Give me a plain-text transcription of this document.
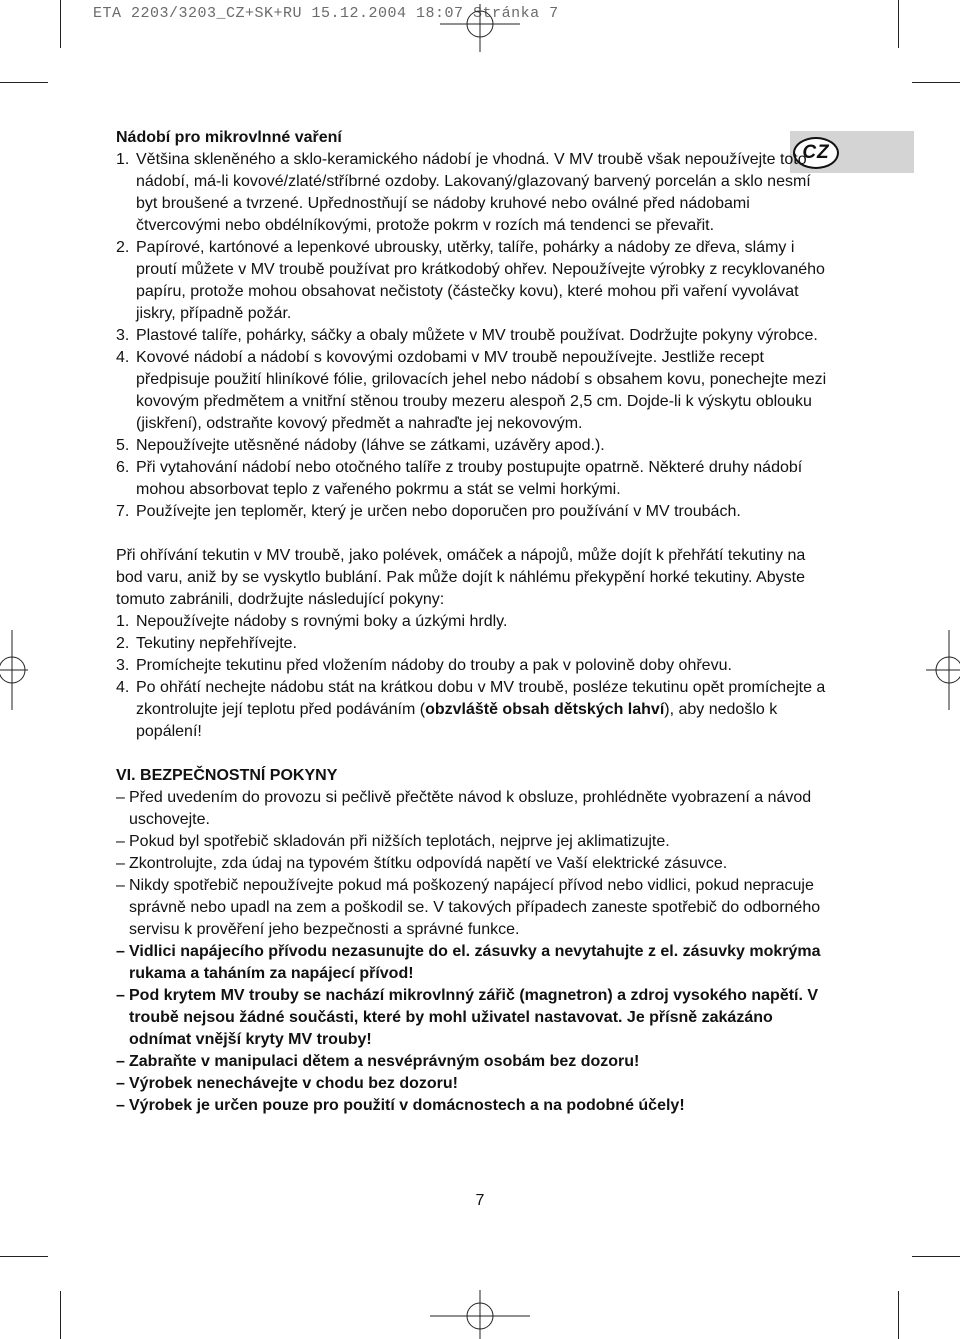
ETA 2203/3203_CZ+SK+RU 15.12.2004 18:07 Stránka 7
CZ
Nádobí pro mikrovlnné vaření
1. Většina skleněného a sklo-keramického nádobí je vhodná. V MV troubě však nepoužívejte toto nádobí, má-li kovové/zlaté/stříbrné ozdoby. Lakovaný/glazovaný barvený porcelán a sklo nesmí byt broušené a tvrzené. Upřednostňují se nádoby kruhové nebo oválné před nádobami čtvercovými nebo obdélníkovými, protože pokrm v rozích má tendenci se převařit.
2. Papírové, kartónové a lepenkové ubrousky, utěrky, talíře, pohárky a nádoby ze dřeva, slámy i proutí můžete v MV troubě používat pro krátkodobý ohřev. Nepoužívejte výrobky z recyklovaného papíru, protože mohou obsahovat nečistoty (částečky kovu), které mohou při vaření vyvolávat jiskry, případně požár.
3. Plastové talíře, pohárky, sáčky a obaly můžete v MV troubě používat. Dodržujte pokyny výrobce.
4. Kovové nádobí a nádobí s kovovými ozdobami v MV troubě nepoužívejte. Jestliže recept předpisuje použití hliníkové fólie, grilovacích jehel nebo nádobí s obsahem kovu, ponechejte mezi kovovým předmětem a vnitřní stěnou trouby mezeru alespoň 2,5 cm. Dojde-li k výskytu oblouku (jiskření), odstraňte kovový předmět a nahraďte jej nekovovým.
5. Nepoužívejte utěsněné nádoby (láhve se zátkami, uzávěry apod.).
6. Při vytahování nádobí nebo otočného talíře z trouby postupujte opatrně. Některé druhy nádobí mohou absorbovat teplo z vařeného pokrmu a stát se velmi horkými.
7. Používejte jen teploměr, který je určen nebo doporučen pro používání v MV troubách.
Při ohřívání tekutin v MV troubě, jako polévek, omáček a nápojů, může dojít k přehřátí tekutiny na bod varu, aniž by se vyskytlo bublání. Pak může dojít k náhlému překypění horké tekutiny. Abyste tomuto zabránili, dodržujte následující pokyny:
1. Nepoužívejte nádoby s rovnými boky a úzkými hrdly.
2. Tekutiny nepřehřívejte.
3. Promíchejte tekutinu před vložením nádoby do trouby a pak v polovině doby ohřevu.
4. Po ohřátí nechejte nádobu stát na krátkou dobu v MV troubě, posléze tekutinu opět promíchejte a zkontrolujte její teplotu před podáváním (obzvláště obsah dětských lahví), aby nedošlo k popálení!
VI. BEZPEČNOSTNÍ POKYNY
– Před uvedením do provozu si pečlivě přečtěte návod k obsluze, prohlédněte vyobrazení a návod uschovejte.
– Pokud byl spotřebič skladován při nižších teplotách, nejprve jej aklimatizujte.
– Zkontrolujte, zda údaj na typovém štítku odpovídá napětí ve Vaší elektrické zásuvce.
– Nikdy spotřebič nepoužívejte pokud má poškozený napájecí přívod nebo vidlici, pokud nepracuje správně nebo upadl na zem a poškodil se. V takových případech zaneste spotřebič do odborného servisu k prověření jeho bezpečnosti a správné funkce.
– Vidlici napájecího přívodu nezasunujte do el. zásuvky a nevytahujte z el. zásuvky mokrýma rukama a taháním za napájecí přívod!
– Pod krytem MV trouby se nachází mikrovlnný zářič (magnetron) a zdroj vysokého napětí. V troubě nejsou žádné součásti, které by mohl uživatel nastavovat. Je přísně zakázáno odnímat vnější kryty MV trouby!
– Zabraňte v manipulaci dětem a nesvéprávným osobám bez dozoru!
– Výrobek nenechávejte v chodu bez dozoru!
– Výrobek je určen pouze pro použití v domácnostech a na podobné účely!
7
